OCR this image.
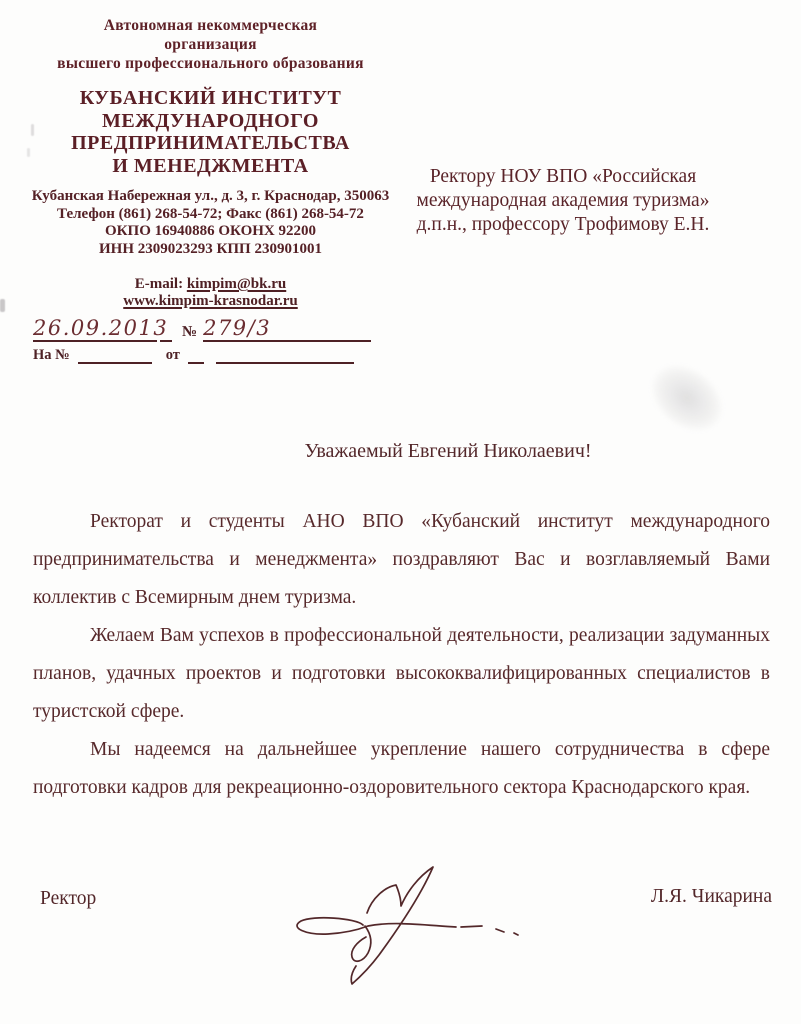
Автономная некоммерческая
организация
высшего профессионального образования
КУБАНСКИЙ ИНСТИТУТ
МЕЖДУНАРОДНОГО
ПРЕДПРИНИМАТЕЛЬСТВА
И МЕНЕДЖМЕНТА
Кубанская Набережная ул., д. 3, г. Краснодар, 350063
Телефон (861) 268-54-72; Факс (861) 268-54-72
ОКПО 16940886 ОКОНХ 92200
ИНН 2309023293 КПП 230901001
E-mail: kimpim@bk.ru
www.kimpim-krasnodar.ru
26.09.2013
№ 279/3
На №	от
Ректору НОУ ВПО «Российская
международная академия туризма»
д.п.н., профессору Трофимову Е.Н.
Уважаемый Евгений Николаевич!

Ректорат и студенты АНО ВПО «Кубанский институт международного предпринимательства и менеджмента» поздравляют Вас и возглавляемый Вами коллектив с Всемирным днем туризма.

Желаем Вам успехов в профессиональной деятельности, реализации задуманных планов, удачных проектов и подготовки высококвалифицированных специалистов в туристской сфере.

Мы надеемся на дальнейшее укрепление нашего сотрудничества в сфере подготовки кадров для рекреационно-оздоровительного сектора Краснодарского края.

Ректор	Л.Я. Чикарина
